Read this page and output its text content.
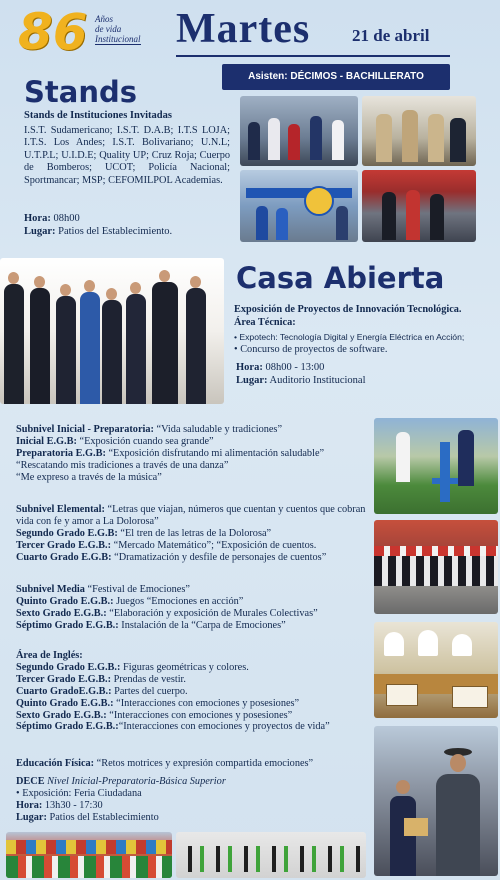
86 Años
de vida
Institucional Martes 21 de abril
Asisten: DÉCIMOS - BACHILLERATO
Stands
Stands de Instituciones Invitadas
I.S.T. Sudamericano; I.S.T. D.A.B; I.T.S LOJA; I.T.S. Los Andes; I.S.T. Bolivariano; U.N.L; U.T.P.L; U.I.D.E; Quality UP; Cruz Roja; Cuerpo de Bomberos; UCOT; Policía Nacional; Sportmancar; MSP; CEFOMILPOL Academias.
Hora: 08h00
Lugar: Patios del Establecimiento.
Casa Abierta
Exposición de Proyectos de Innovación Tecnológica.
Área Técnica:
• Expotech: Tecnología Digital y Energía Eléctrica en Acción;
• Concurso de proyectos de software.
Hora: 08h00 - 13:00
Lugar: Auditorio Institucional

Subnivel Inicial - Preparatoria: “Vida saludable y tradiciones”

Inicial E.G.B: “Exposición cuando sea grande”

Preparatoria E.G.B: “Exposición disfrutando mi alimentación saludable”

“Rescatando mis tradiciones a través de una danza”

“Me expreso a través de la música”

Subnivel Elemental: “Letras que viajan, números que cuentan y cuentos que cobran vida con fe y amor a La Dolorosa”

Segundo Grado E.G.B: “El tren de las letras de la Dolorosa”

Tercer Grado E.G.B.: “Mercado Matemático”; “Exposición de cuentos.

Cuarto Grado E.G.B: “Dramatización y desfile de personajes de cuentos”

Subnivel Media “Festival de Emociones”

Quinto Grado E.G.B.: Juegos “Emociones en acción”

Sexto Grado E.G.B.: “Elaboración y exposición de Murales Colectivas”

Séptimo Grado E.G.B.: Instalación de la “Carpa de Emociones”

Área de Inglés:

Segundo Grado E.G.B.: Figuras geométricas y colores.

Tercer Grado E.G.B.: Prendas de vestir.

Cuarto GradoE.G.B.: Partes del cuerpo.

Quinto Grado E.G.B.: “Interacciones con emociones y posesiones”

Sexto Grado E.G.B.: “Interacciones con emociones y posesiones”

Séptimo Grado E.G.B.:“Interacciones con emociones y proyectos de vida”

Educación Física: “Retos motrices y expresión compartida emociones”

DECE Nivel Inicial-Preparatoria-Básica Superior

• Exposición: Feria Ciudadana

Hora: 13h30 - 17:30

Lugar: Patios del Establecimiento
